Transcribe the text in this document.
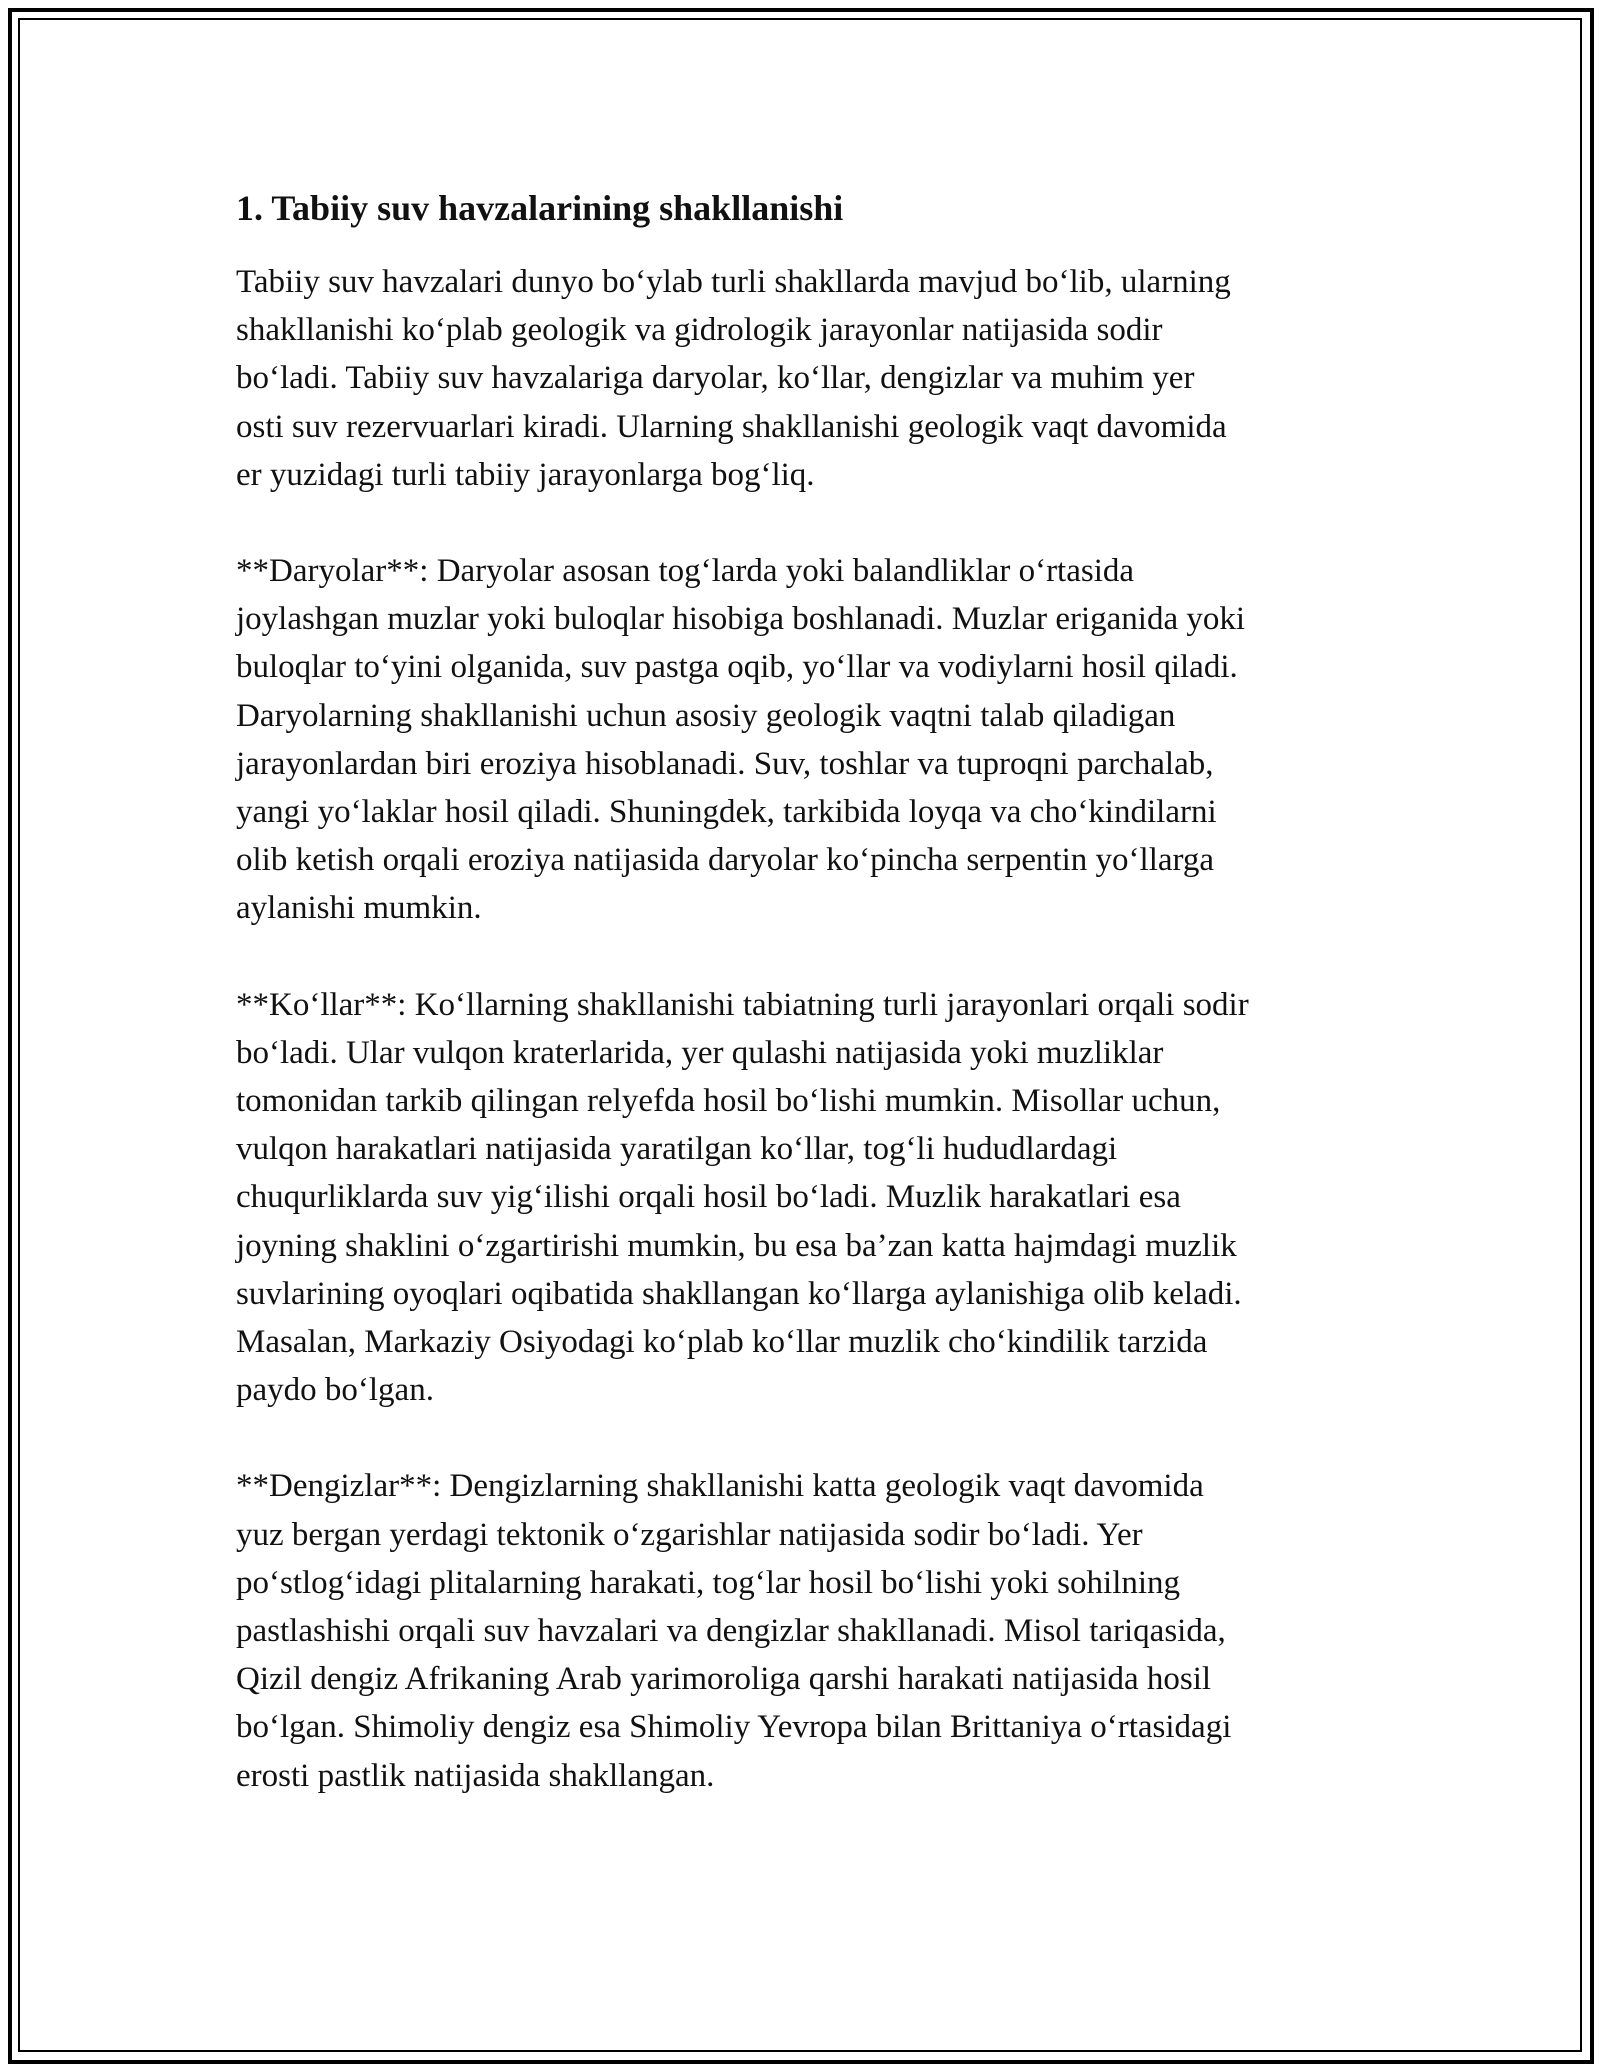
1. Tabiiy suv havzalarining shakllanishi
Tabiiy suv havzalari dunyo bo‘ylab turli shakllarda mavjud bo‘lib, ularning
shakllanishi ko‘plab geologik va gidrologik jarayonlar natijasida sodir
bo‘ladi. Tabiiy suv havzalariga daryolar, ko‘llar, dengizlar va muhim yer
osti suv rezervuarlari kiradi. Ularning shakllanishi geologik vaqt davomida
er yuzidagi turli tabiiy jarayonlarga bog‘liq.
**Daryolar**: Daryolar asosan tog‘larda yoki balandliklar o‘rtasida
joylashgan muzlar yoki buloqlar hisobiga boshlanadi. Muzlar eriganida yoki
buloqlar to‘yini olganida, suv pastga oqib, yo‘llar va vodiylarni hosil qiladi.
Daryolarning shakllanishi uchun asosiy geologik vaqtni talab qiladigan
jarayonlardan biri eroziya hisoblanadi. Suv, toshlar va tuproqni parchalab,
yangi yo‘laklar hosil qiladi. Shuningdek, tarkibida loyqa va cho‘kindilarni
olib ketish orqali eroziya natijasida daryolar ko‘pincha serpentin yo‘llarga
aylanishi mumkin.
**Ko‘llar**: Ko‘llarning shakllanishi tabiatning turli jarayonlari orqali sodir
bo‘ladi. Ular vulqon kraterlarida, yer qulashi natijasida yoki muzliklar
tomonidan tarkib qilingan relyefda hosil bo‘lishi mumkin. Misollar uchun,
vulqon harakatlari natijasida yaratilgan ko‘llar, tog‘li hududlardagi
chuqurliklarda suv yig‘ilishi orqali hosil bo‘ladi. Muzlik harakatlari esa
joyning shaklini o‘zgartirishi mumkin, bu esa ba’zan katta hajmdagi muzlik
suvlarining oyoqlari oqibatida shakllangan ko‘llarga aylanishiga olib keladi.
Masalan, Markaziy Osiyodagi ko‘plab ko‘llar muzlik cho‘kindilik tarzida
paydo bo‘lgan.
**Dengizlar**: Dengizlarning shakllanishi katta geologik vaqt davomida
yuz bergan yerdagi tektonik o‘zgarishlar natijasida sodir bo‘ladi. Yer
po‘stlog‘idagi plitalarning harakati, tog‘lar hosil bo‘lishi yoki sohilning
pastlashishi orqali suv havzalari va dengizlar shakllanadi. Misol tariqasida,
Qizil dengiz Afrikaning Arab yarimoroliga qarshi harakati natijasida hosil
bo‘lgan. Shimoliy dengiz esa Shimoliy Yevropa bilan Brittaniya o‘rtasidagi
erosti pastlik natijasida shakllangan.
